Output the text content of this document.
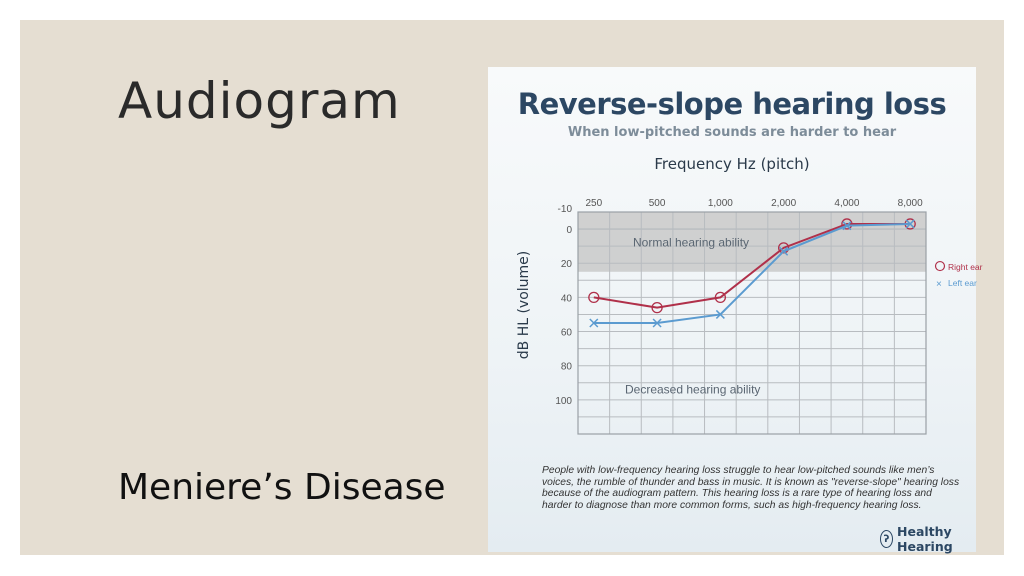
Audiogram
Meniere’s Disease
Reverse-slope hearing loss
When low-pitched sounds are harder to hear
Frequency Hz (pitch)
Normal hearing ability
Decreased hearing ability
250	500	1,000	2,000	4,000	8,000
-10
0
20
40
60
80
100
dB HL (volume)	Right ear
× Left ear
People with low-frequency hearing loss struggle to hear low-pitched sounds like men’s voices, the rumble of thunder and bass in music. It is known as "reverse-slope" hearing loss because of the audiogram pattern. This hearing loss is a rare type of hearing loss and harder to diagnose than more common forms, such as high-frequency hearing loss.
ʔ Healthy Hearing
